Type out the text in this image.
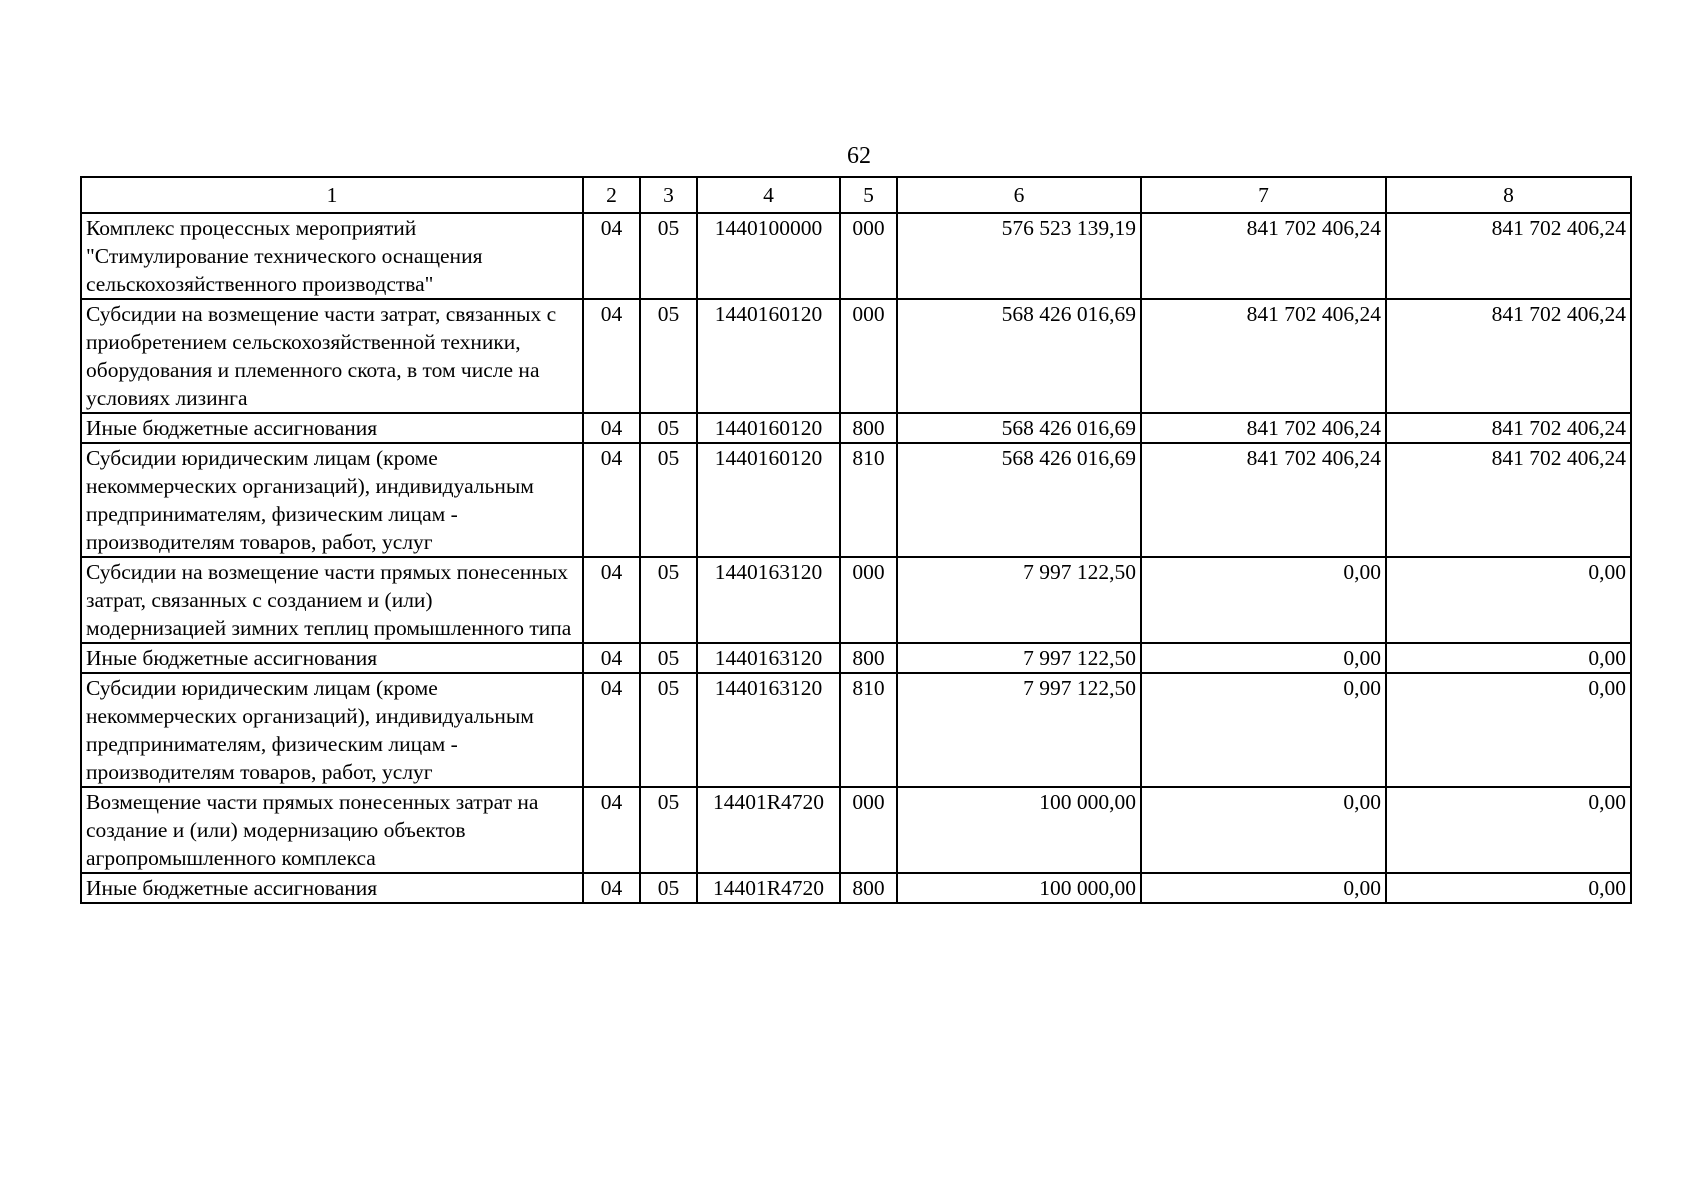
62
1	2	3	4	5	6	7	8
Комплекс процессных мероприятий "Стимулирование технического оснащения сельскохозяйственного производства"	04	05	1440100000	000	576 523 139,19	841 702 406,24	841 702 406,24
Субсидии на возмещение части затрат, связанных с приобретением сельскохозяйственной техники, оборудования и племенного скота, в том числе на условиях лизинга	04	05	1440160120	000	568 426 016,69	841 702 406,24	841 702 406,24
Иные бюджетные ассигнования	04	05	1440160120	800	568 426 016,69	841 702 406,24	841 702 406,24
Субсидии юридическим лицам (кроме некоммерческих организаций), индивидуальным предпринимателям, физическим лицам - производителям товаров, работ, услуг	04	05	1440160120	810	568 426 016,69	841 702 406,24	841 702 406,24
Субсидии на возмещение части прямых понесенных затрат, связанных с созданием и (или) модернизацией зимних теплиц промышленного типа	04	05	1440163120	000	7 997 122,50	0,00	0,00
Иные бюджетные ассигнования	04	05	1440163120	800	7 997 122,50	0,00	0,00
Субсидии юридическим лицам (кроме некоммерческих организаций), индивидуальным предпринимателям, физическим лицам - производителям товаров, работ, услуг	04	05	1440163120	810	7 997 122,50	0,00	0,00
Возмещение части прямых понесенных затрат на создание и (или) модернизацию объектов агропромышленного комплекса	04	05	14401R4720	000	100 000,00	0,00	0,00
Иные бюджетные ассигнования	04	05	14401R4720	800	100 000,00	0,00	0,00
